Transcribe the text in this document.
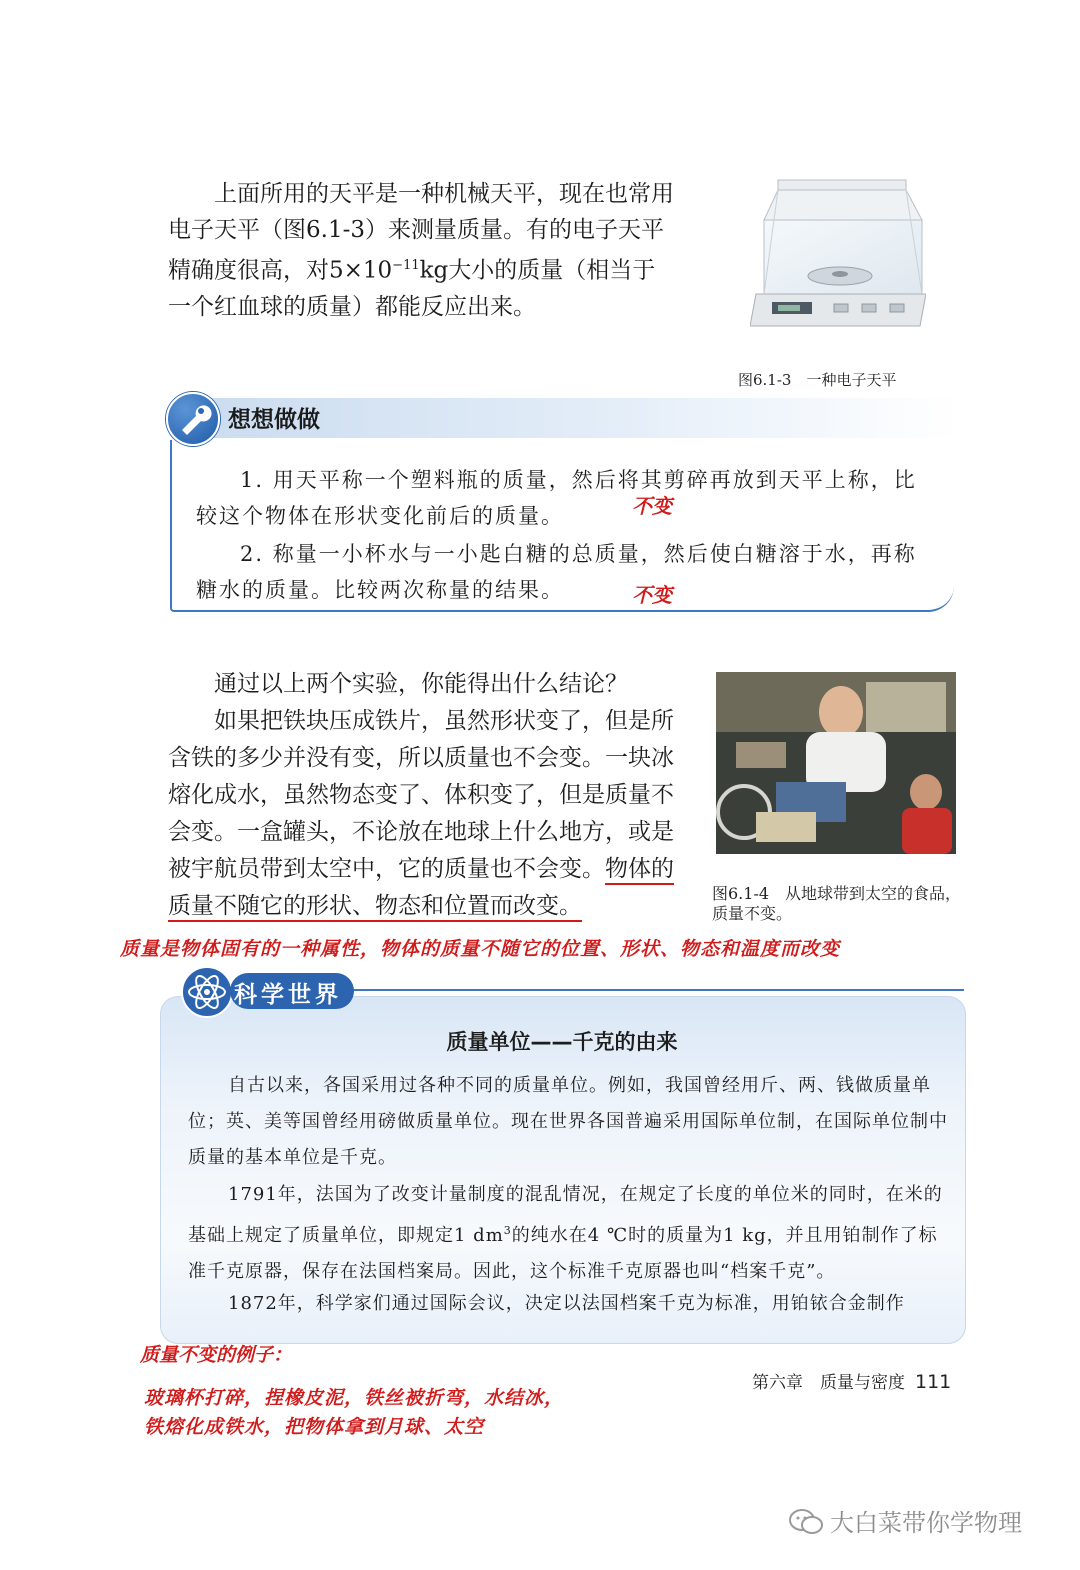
上面所用的天平是一种机械天平，现在也常用电子天平（图6.1-3）来测量质量。有的电子天平精确度很高，对$5\times 10^{-11}kg$大小的质量（相当于一个红血球的质量）都能反应出来。
图6.1-3　一种电子天平
想想做做
1. 用天平称一个塑料瓶的质量，然后将其剪碎再放到天平上称，比较这个物体在形状变化前后的质量。
2. 称量一小杯水与一小匙白糖的总质量，然后使白糖溶于水，再称糖水的质量。比较两次称量的结果。
不变
不变

通过以上两个实验，你能得出什么结论？

如果把铁块压成铁片，虽然形状变了，但是所含铁的多少并没有变，所以质量也不会变。一块冰熔化成水，虽然物态变了、体积变了，但是质量不会变。一盒罐头，不论放在地球上什么地方，或是被宇航员带到太空中，它的质量也不会变。物体的质量不随它的形状、物态和位置而改变。	图6.1-4　从地球带到太空的食品，质量不变。
质量是物体固有的一种属性，物体的质量不随它的位置、形状、物态和温度而改变
科学世界
质量单位——千克的由来

自古以来，各国采用过各种不同的质量单位。例如，我国曾经用斤、两、钱做质量单位；英、美等国曾经用磅做质量单位。现在世界各国普遍采用国际单位制，在国际单位制中质量的基本单位是千克。

1791年，法国为了改变计量制度的混乱情况，在规定了长度的单位米的同时，在米的基础上规定了质量单位，即规定1 $dm^3$的纯水在4 ℃时的质量为1 kg，并且用铂制作了标准千克原器，保存在法国档案局。因此，这个标准千克原器也叫“档案千克”。

1872年，科学家们通过国际会议，决定以法国档案千克为标准，用铂铱合金制作

质量不变的例子：
玻璃杯打碎，捏橡皮泥，铁丝被折弯，水结冰，
铁熔化成铁水，把物体拿到月球、太空
第六章　质量与密度 111
大白菜带你学物理
